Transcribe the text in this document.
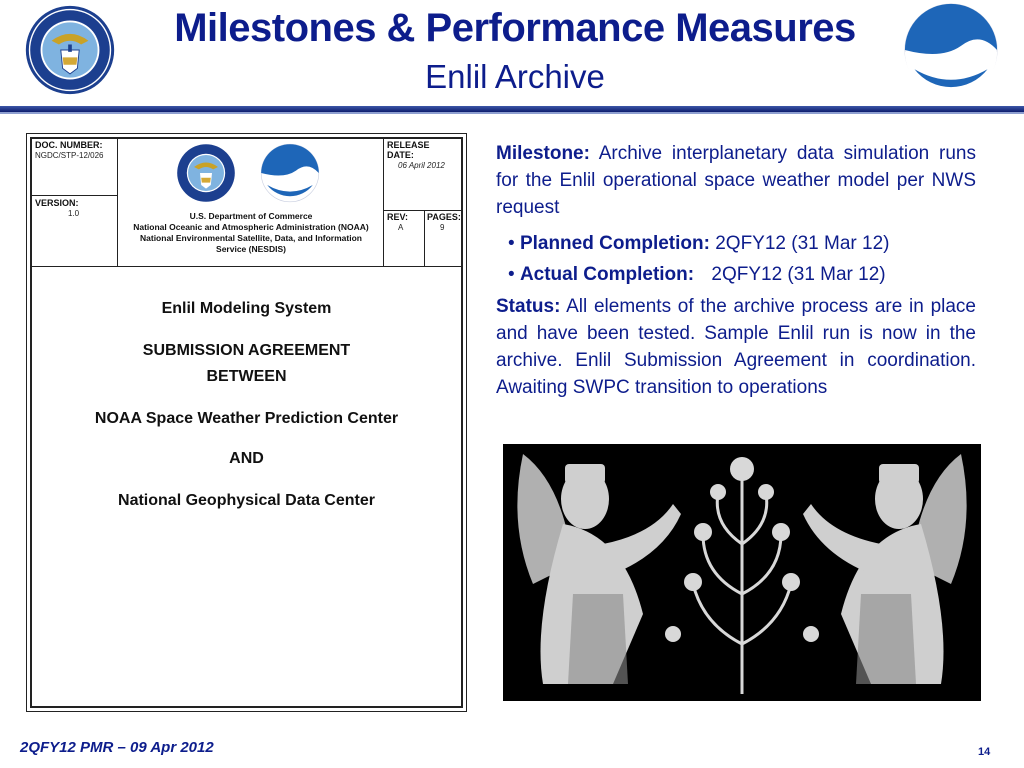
Milestones & Performance Measures
Enlil Archive
DOC. NUMBER:
NGDC/STP-12/026
VERSION:
1.0	U.S. Department of Commerce
National Oceanic and Atmospheric Administration (NOAA)
National Environmental Satellite, Data, and Information
Service (NESDIS)
RELEASE DATE:
06 April 2012
REV:
A
PAGES:
9
Enlil Modeling System
SUBMISSION AGREEMENT
BETWEEN
NOAA Space Weather Prediction Center
AND
National Geophysical Data Center
Milestone: Archive interplanetary data simulation runs for the Enlil operational space weather model per NWS request
• Planned Completion: 2QFY12 (31 Mar 12)
• Actual Completion: 2QFY12 (31 Mar 12)
Status: All elements of the archive process are in place and have been tested. Sample Enlil run is now in the archive. Enlil Submission Agreement in coordination. Awaiting SWPC transition to operations
2QFY12 PMR – 09 Apr 2012	14
